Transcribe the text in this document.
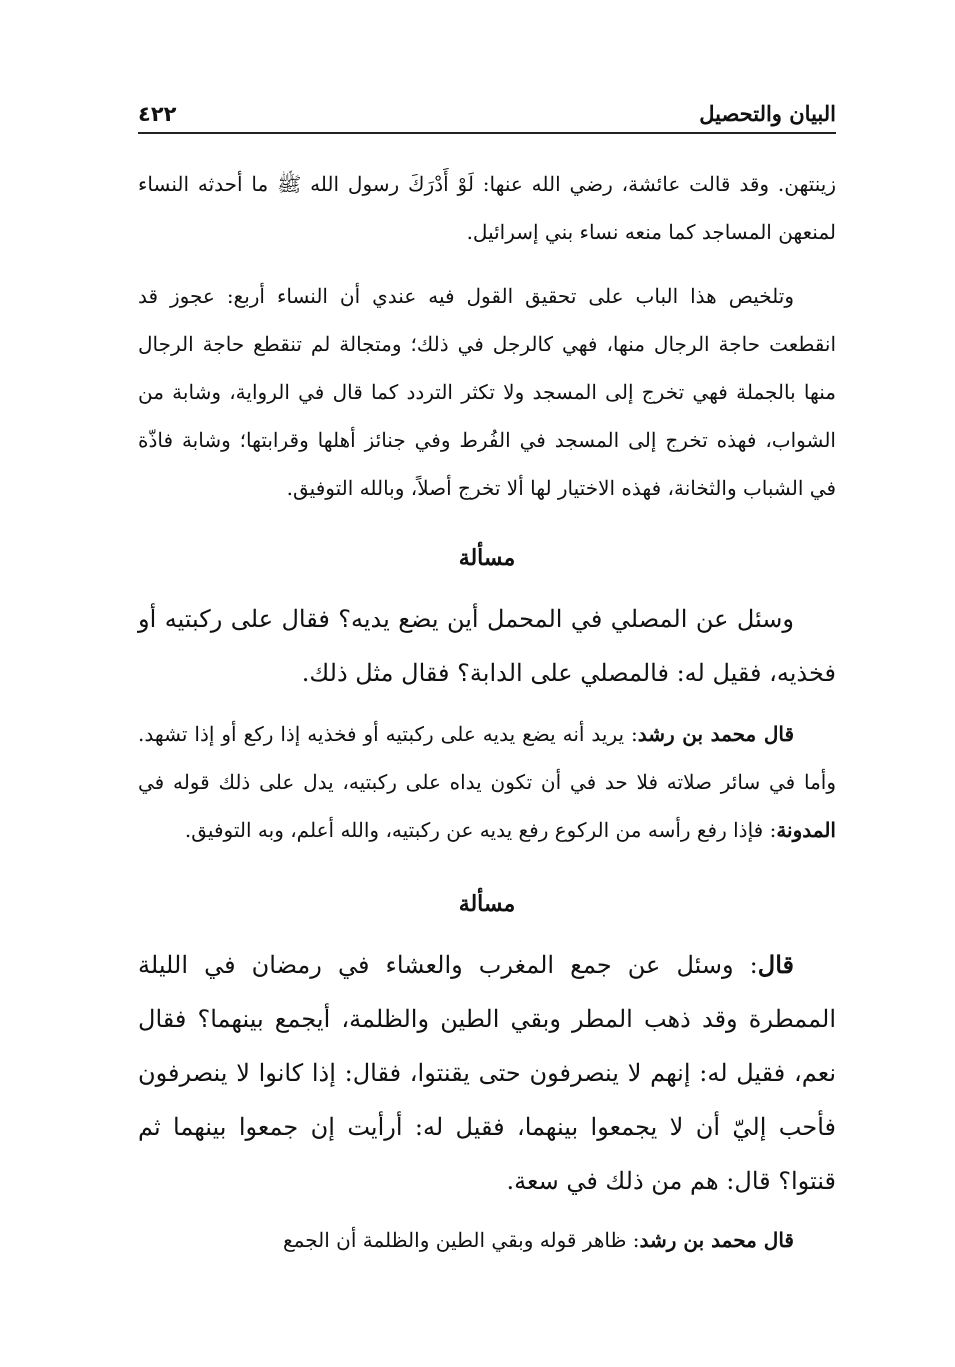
البيان والتحصيل
٤٢٢

زينتهن. وقد قالت عائشة، رضي الله عنها: لَوْ أَدْرَكَ رسول الله ﷺ ما أحدثه النساء لمنعهن المساجد كما منعه نساء بني إسرائيل.

وتلخيص هذا الباب على تحقيق القول فيه عندي أن النساء أربع: عجوز قد انقطعت حاجة الرجال منها، فهي كالرجل في ذلك؛ ومتجالة لم تنقطع حاجة الرجال منها بالجملة فهي تخرج إلى المسجد ولا تكثر التردد كما قال في الرواية، وشابة من الشواب، فهذه تخرج إلى المسجد في الفُرط وفي جنائز أهلها وقرابتها؛ وشابة فاذّة في الشباب والثخانة، فهذه الاختيار لها ألا تخرج أصلاً، وبالله التوفيق.

مسألة

وسئل عن المصلي في المحمل أين يضع يديه؟ فقال على ركبتيه أو فخذيه، فقيل له: فالمصلي على الدابة؟ فقال مثل ذلك.

قال محمد بن رشد: يريد أنه يضع يديه على ركبتيه أو فخذيه إذا ركع أو إذا تشهد. وأما في سائر صلاته فلا حد في أن تكون يداه على ركبتيه، يدل على ذلك قوله في المدونة: فإذا رفع رأسه من الركوع رفع يديه عن ركبتيه، والله أعلم، وبه التوفيق.

مسألة

قال: وسئل عن جمع المغرب والعشاء في رمضان في الليلة الممطرة وقد ذهب المطر وبقي الطين والظلمة، أيجمع بينهما؟ فقال نعم، فقيل له: إنهم لا ينصرفون حتى يقنتوا، فقال: إذا كانوا لا ينصرفون فأحب إليّ أن لا يجمعوا بينهما، فقيل له: أرأيت إن جمعوا بينهما ثم قنتوا؟ قال: هم من ذلك في سعة.

قال محمد بن رشد: ظاهر قوله وبقي الطين والظلمة أن الجمع
